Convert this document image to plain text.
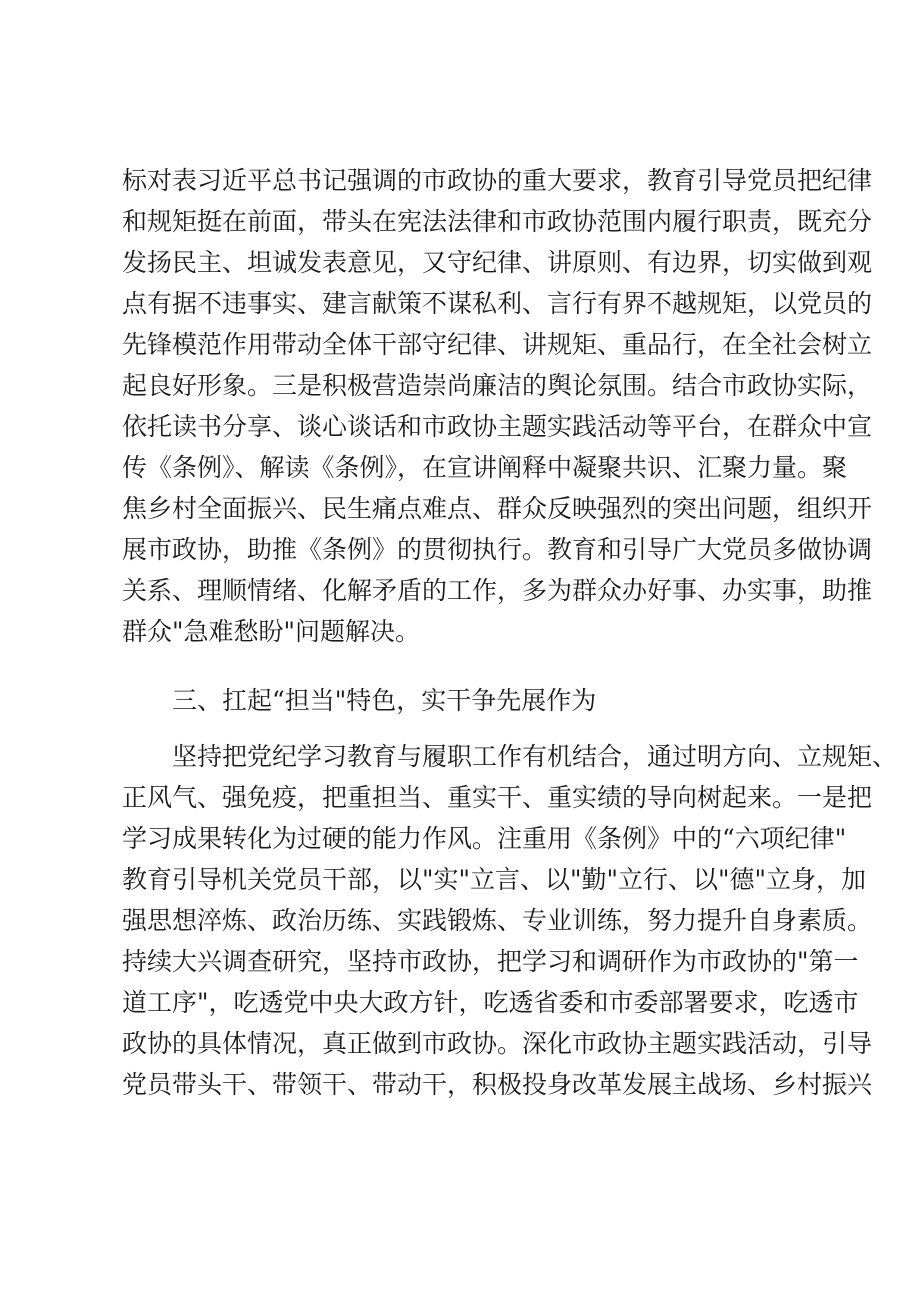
标对表习近平总书记强调的市政协的重大要求，教育引导党员把纪律
和规矩挺在前面，带头在宪法法律和市政协范围内履行职责，既充分
发扬民主、坦诚发表意见，又守纪律、讲原则、有边界，切实做到观
点有据不违事实、建言献策不谋私利、言行有界不越规矩，以党员的
先锋模范作用带动全体干部守纪律、讲规矩、重品行，在全社会树立
起良好形象。三是积极营造崇尚廉洁的舆论氛围。结合市政协实际，
依托读书分享、谈心谈话和市政协主题实践活动等平台，在群众中宣
传《条例》、解读《条例》，在宣讲阐释中凝聚共识、汇聚力量。聚
焦乡村全面振兴、民生痛点难点、群众反映强烈的突出问题，组织开
展市政协，助推《条例》的贯彻执行。教育和引导广大党员多做协调
关系、理顺情绪、化解矛盾的工作，多为群众办好事、办实事，助推
群众"急难愁盼"问题解决。
三、扛起“担当"特色，实干争先展作为
坚持把党纪学习教育与履职工作有机结合，通过明方向、立规矩、
正风气、强免疫，把重担当、重实干、重实绩的导向树起来。一是把
学习成果转化为过硬的能力作风。注重用《条例》中的“六项纪律"
教育引导机关党员干部，以"实"立言、以"勤"立行、以"德"立身，加
强思想淬炼、政治历练、实践锻炼、专业训练，努力提升自身素质。
持续大兴调查研究，坚持市政协，把学习和调研作为市政协的"第一
道工序"，吃透党中央大政方针，吃透省委和市委部署要求，吃透市
政协的具体情况，真正做到市政协。深化市政协主题实践活动，引导
党员带头干、带领干、带动干，积极投身改革发展主战场、乡村振兴
